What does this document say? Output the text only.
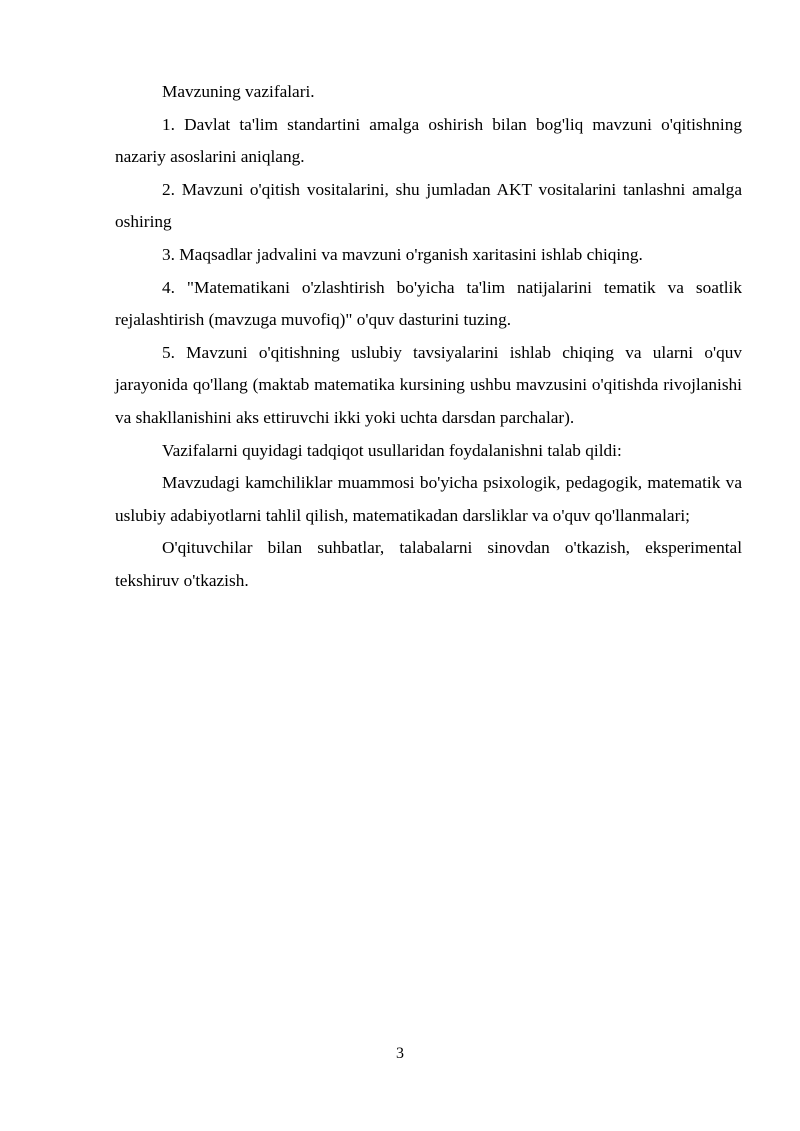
Mavzuning vazifalari.

1. Davlat ta'lim standartini amalga oshirish bilan bog'liq mavzuni o'qitishning nazariy asoslarini aniqlang.

2. Mavzuni o'qitish vositalarini, shu jumladan AKT vositalarini tanlashni amalga oshiring

3. Maqsadlar jadvalini va mavzuni o'rganish xaritasini ishlab chiqing.

4. "Matematikani o'zlashtirish bo'yicha ta'lim natijalarini tematik va soatlik rejalashtirish (mavzuga muvofiq)" o'quv dasturini tuzing.

5. Mavzuni o'qitishning uslubiy tavsiyalarini ishlab chiqing va ularni o'quv jarayonida qo'llang (maktab matematika kursining ushbu mavzusini o'qitishda rivojlanishi va shakllanishini aks ettiruvchi ikki yoki uchta darsdan parchalar).

Vazifalarni quyidagi tadqiqot usullaridan foydalanishni talab qildi:

Mavzudagi kamchiliklar muammosi bo'yicha psixologik, pedagogik, matematik va uslubiy adabiyotlarni tahlil qilish, matematikadan darsliklar va o'quv qo'llanmalari;

O'qituvchilar bilan suhbatlar, talabalarni sinovdan o'tkazish, eksperimental tekshiruv o'tkazish.

3
